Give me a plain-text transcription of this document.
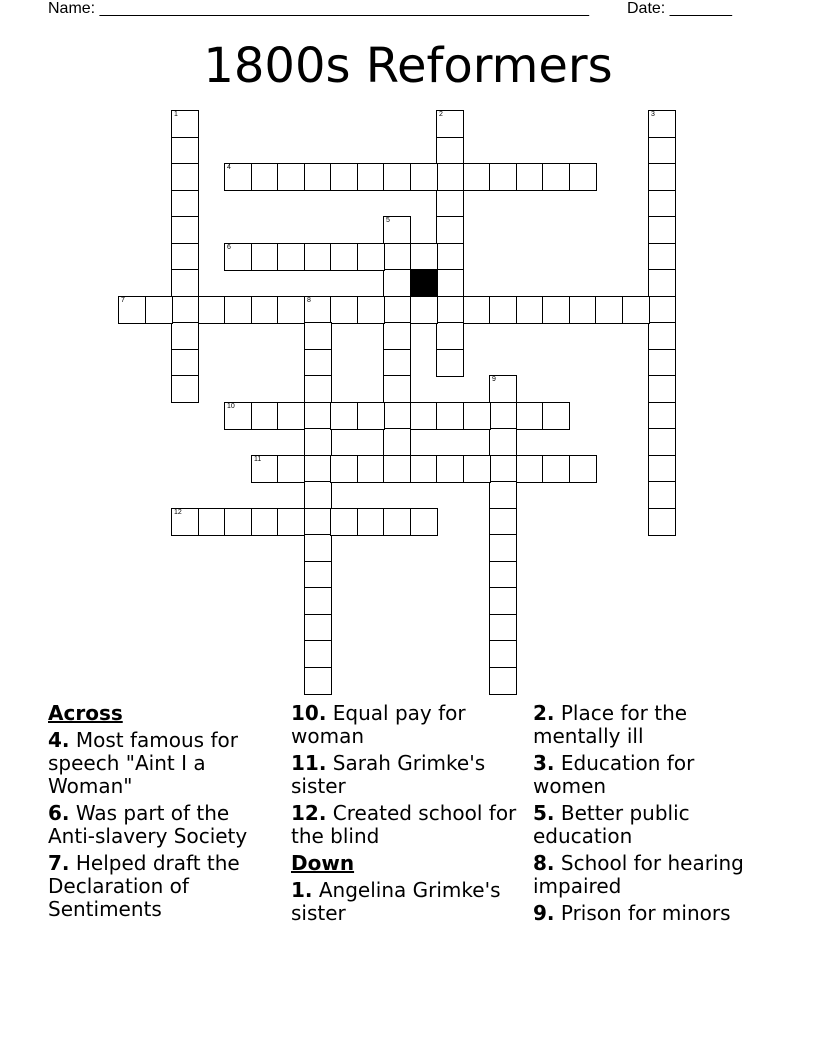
Name: _______________________________________________________ Date: _______
1800s Reformers
1	2	3
4
5
6
7	8
9
10
11
12
Across
4. Most famous for speech "Aint I a Woman"
6. Was part of the Anti-slavery Society
7. Helped draft the Declaration of Sentiments
10. Equal pay for woman
11. Sarah Grimke's sister
12. Created school for the blind
Down
1. Angelina Grimke's sister
2. Place for the mentally ill
3. Education for women
5. Better public education
8. School for hearing impaired
9. Prison for minors
